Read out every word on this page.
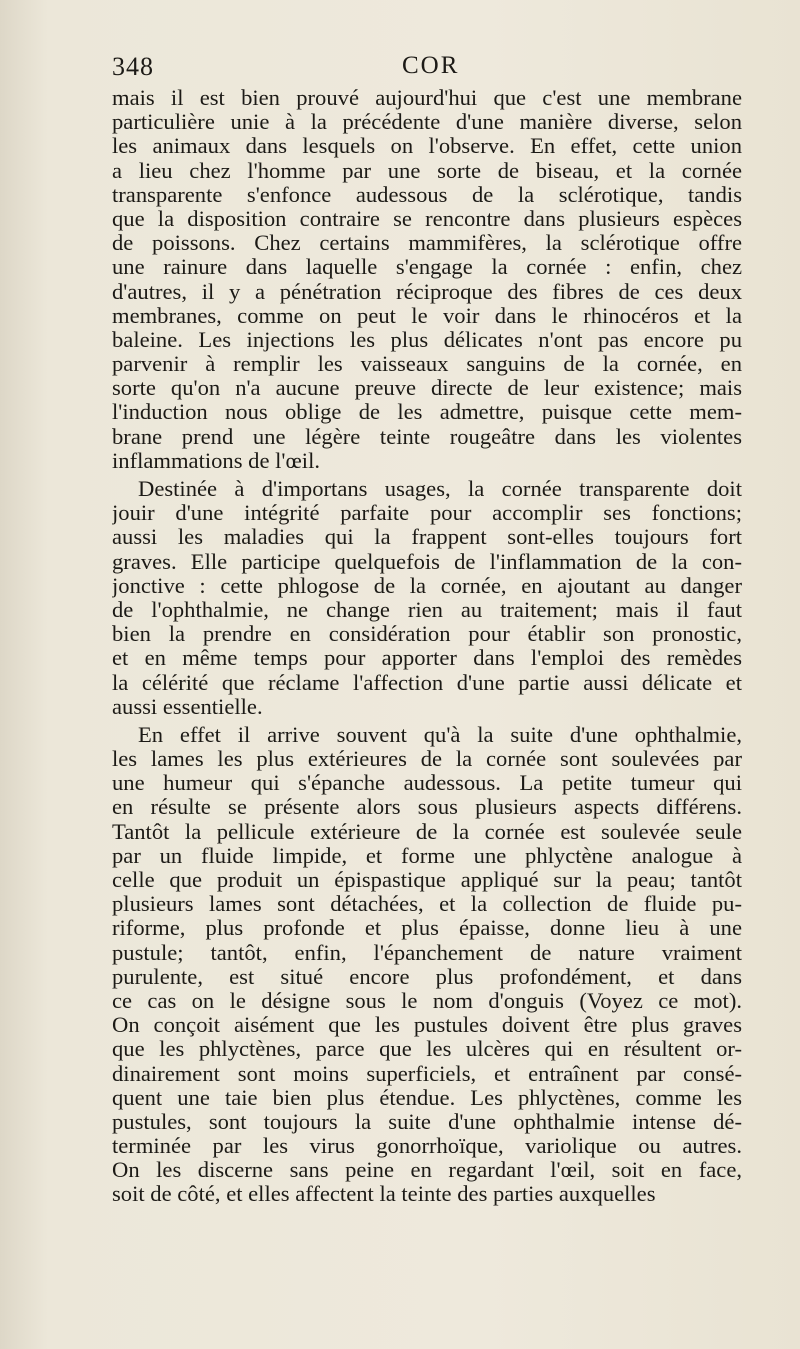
348	COR
mais il est bien prouvé aujourd'hui que c'est une membrane
particulière unie à la précédente d'une manière diverse, selon
les animaux dans lesquels on l'observe. En effet, cette union
a lieu chez l'homme par une sorte de biseau, et la cornée
transparente s'enfonce audessous de la sclérotique, tandis
que la disposition contraire se rencontre dans plusieurs espèces
de poissons. Chez certains mammifères, la sclérotique offre
une rainure dans laquelle s'engage la cornée : enfin, chez
d'autres, il y a pénétration réciproque des fibres de ces deux
membranes, comme on peut le voir dans le rhinocéros et la
baleine. Les injections les plus délicates n'ont pas encore pu
parvenir à remplir les vaisseaux sanguins de la cornée, en
sorte qu'on n'a aucune preuve directe de leur existence; mais
l'induction nous oblige de les admettre, puisque cette mem-
brane prend une légère teinte rougeâtre dans les violentes
inflammations de l'œil.
Destinée à d'importans usages, la cornée transparente doit
jouir d'une intégrité parfaite pour accomplir ses fonctions;
aussi les maladies qui la frappent sont-elles toujours fort
graves. Elle participe quelquefois de l'inflammation de la con-
jonctive : cette phlogose de la cornée, en ajoutant au danger
de l'ophthalmie, ne change rien au traitement; mais il faut
bien la prendre en considération pour établir son pronostic,
et en même temps pour apporter dans l'emploi des remèdes
la célérité que réclame l'affection d'une partie aussi délicate et
aussi essentielle.
En effet il arrive souvent qu'à la suite d'une ophthalmie,
les lames les plus extérieures de la cornée sont soulevées par
une humeur qui s'épanche audessous. La petite tumeur qui
en résulte se présente alors sous plusieurs aspects différens.
Tantôt la pellicule extérieure de la cornée est soulevée seule
par un fluide limpide, et forme une phlyctène analogue à
celle que produit un épispastique appliqué sur la peau; tantôt
plusieurs lames sont détachées, et la collection de fluide pu-
riforme, plus profonde et plus épaisse, donne lieu à une
pustule; tantôt, enfin, l'épanchement de nature vraiment
purulente, est situé encore plus profondément, et dans
ce cas on le désigne sous le nom d'onguis (Voyez ce mot).
On conçoit aisément que les pustules doivent être plus graves
que les phlyctènes, parce que les ulcères qui en résultent or-
dinairement sont moins superficiels, et entraînent par consé-
quent une taie bien plus étendue. Les phlyctènes, comme les
pustules, sont toujours la suite d'une ophthalmie intense dé-
terminée par les virus gonorrhoïque, variolique ou autres.
On les discerne sans peine en regardant l'œil, soit en face,
soit de côté, et elles affectent la teinte des parties auxquelles
